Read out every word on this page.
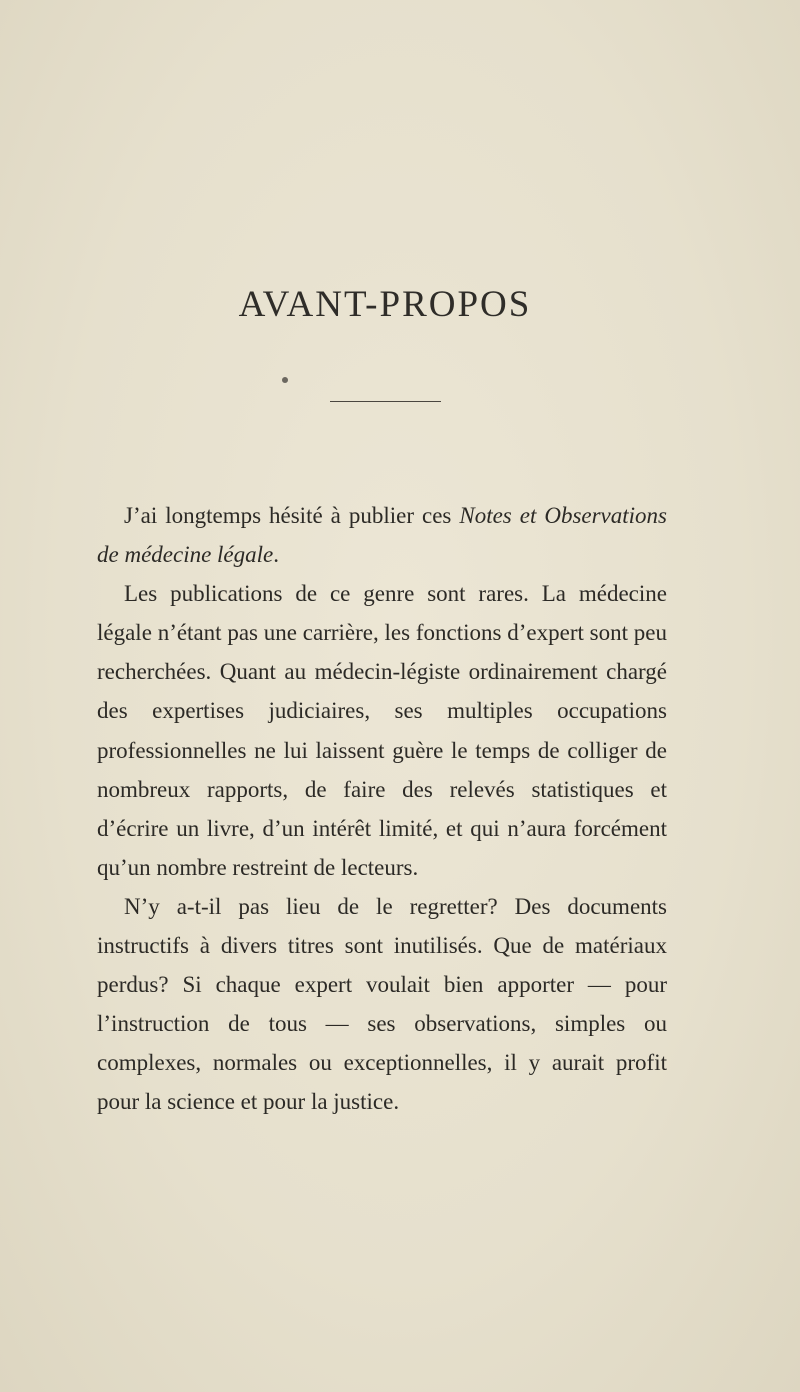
AVANT-PROPOS

J’ai longtemps hésité à publier ces Notes et Observations de médecine légale.

Les publications de ce genre sont rares. La médecine légale n’étant pas une carrière, les fonctions d’expert sont peu recherchées. Quant au médecin-légiste ordinairement chargé des expertises judiciaires, ses multiples occupations professionnelles ne lui laissent guère le temps de colliger de nombreux rapports, de faire des relevés statistiques et d’écrire un livre, d’un intérêt limité, et qui n’aura forcément qu’un nombre restreint de lecteurs.

N’y a-t-il pas lieu de le regretter? Des documents instructifs à divers titres sont inutilisés. Que de matériaux perdus? Si chaque expert voulait bien apporter — pour l’instruction de tous — ses observations, simples ou complexes, normales ou exceptionnelles, il y aurait profit pour la science et pour la justice.
